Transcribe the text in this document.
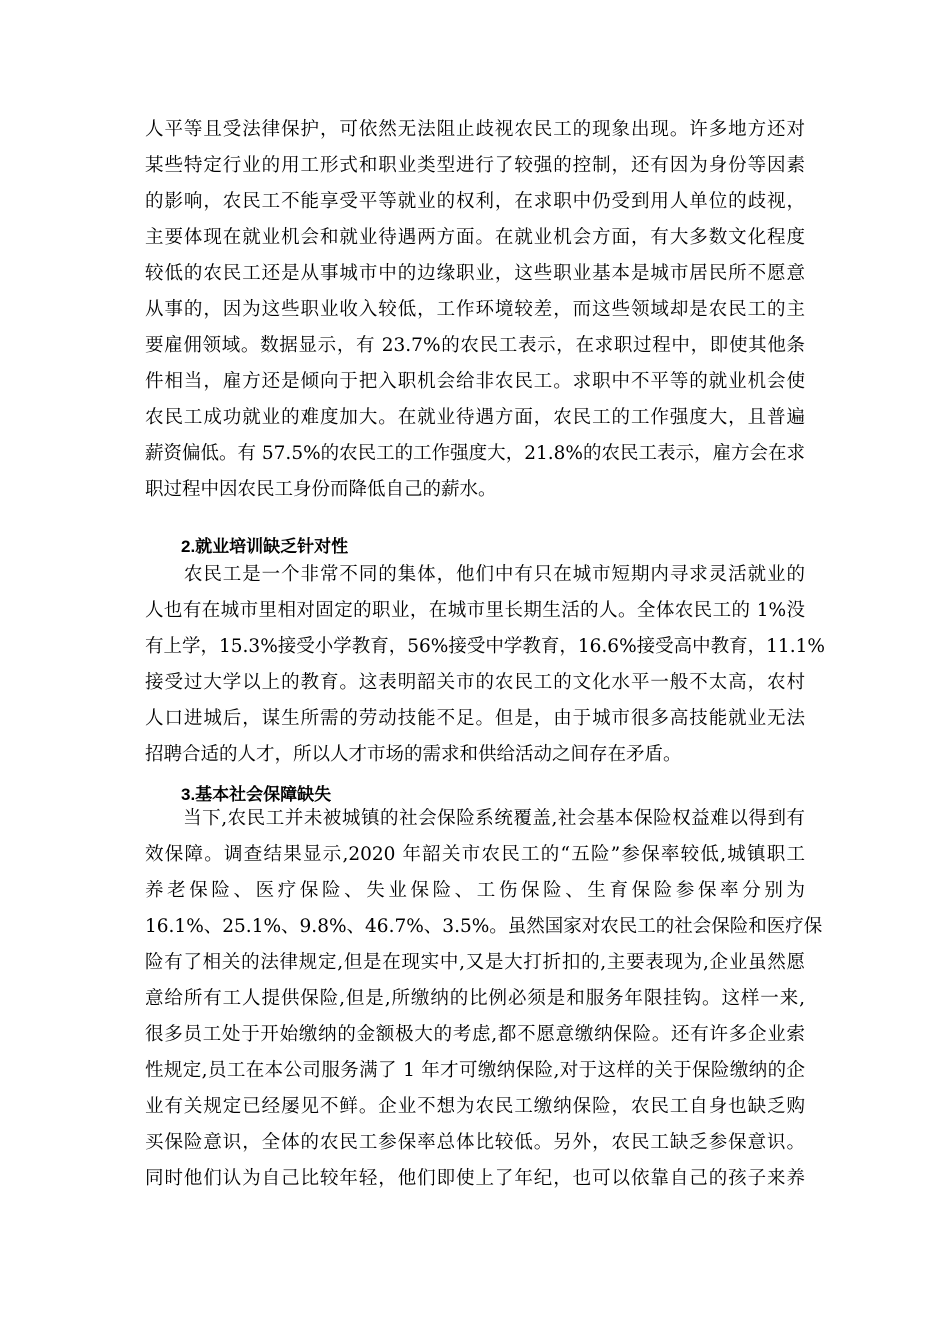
人平等且受法律保护，可依然无法阻止歧视农民工的现象出现。许多地方还对
某些特定行业的用工形式和职业类型进行了较强的控制，还有因为身份等因素
的影响，农民工不能享受平等就业的权利，在求职中仍受到用人单位的歧视，
主要体现在就业机会和就业待遇两方面。在就业机会方面，有大多数文化程度
较低的农民工还是从事城市中的边缘职业，这些职业基本是城市居民所不愿意
从事的，因为这些职业收入较低，工作环境较差，而这些领域却是农民工的主
要雇佣领域。数据显示，有 23.7%的农民工表示，在求职过程中，即使其他条
件相当，雇方还是倾向于把入职机会给非农民工。求职中不平等的就业机会使
农民工成功就业的难度加大。在就业待遇方面，农民工的工作强度大，且普遍
薪资偏低。有 57.5%的农民工的工作强度大，21.8%的农民工表示，雇方会在求
职过程中因农民工身份而降低自己的薪水。
2.就业培训缺乏针对性
　　农民工是一个非常不同的集体，他们中有只在城市短期内寻求灵活就业的
人也有在城市里相对固定的职业，在城市里长期生活的人。全体农民工的 1%没
有上学，15.3%接受小学教育，56%接受中学教育，16.6%接受高中教育，11.1%
接受过大学以上的教育。这表明韶关市的农民工的文化水平一般不太高，农村
人口进城后，谋生所需的劳动技能不足。但是，由于城市很多高技能就业无法
招聘合适的人才，所以人才市场的需求和供给活动之间存在矛盾。
3.基本社会保障缺失
　　当下,农民工并未被城镇的社会保险系统覆盖,社会基本保险权益难以得到有
效保障。调查结果显示,2020 年韶关市农民工的“五险”参保率较低,城镇职工
养老保险、医疗保险、失业保险、工伤保险、生育保险参保率分别为
16.1%、25.1%、9.8%、46.7%、3.5%。虽然国家对农民工的社会保险和医疗保
险有了相关的法律规定,但是在现实中,又是大打折扣的,主要表现为,企业虽然愿
意给所有工人提供保险,但是,所缴纳的比例必须是和服务年限挂钩。这样一来,
很多员工处于开始缴纳的金额极大的考虑,都不愿意缴纳保险。还有许多企业索
性规定,员工在本公司服务满了 1 年才可缴纳保险,对于这样的关于保险缴纳的企
业有关规定已经屡见不鲜。企业不想为农民工缴纳保险，农民工自身也缺乏购
买保险意识，全体的农民工参保率总体比较低。另外，农民工缺乏参保意识。
同时他们认为自己比较年轻，他们即使上了年纪，也可以依靠自己的孩子来养
